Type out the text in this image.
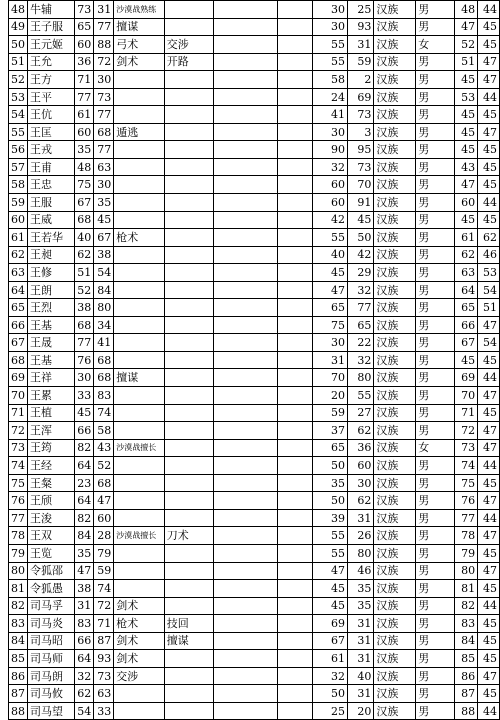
48	牛辅	73	31	沙漠战熟练				30	25	汉族	男	48	44
49	王子服	65	77	擅谋				30	93	汉族	男	47	45
50	王元姬	60	88	弓术	交涉			55	31	汉族	女	52	45
51	王允	36	72	剑术	开路			55	59	汉族	男	51	47
52	王方	71	30					58	2	汉族	男	45	47
53	王平	77	73					24	69	汉族	男	53	44
54	王伉	61	77					41	73	汉族	男	45	45
55	王匡	60	68	遁逃				30	3	汉族	男	45	47
56	王戎	35	77					90	95	汉族	男	45	45
57	王甫	48	63					32	73	汉族	男	43	45
58	王忠	75	30					60	70	汉族	男	47	45
59	王服	67	35					60	91	汉族	男	60	44
60	王威	68	45					42	45	汉族	男	45	45
61	王若华	40	67	枪术				55	50	汉族	男	61	62
62	王昶	62	38					40	42	汉族	男	62	46
63	王修	51	54					45	29	汉族	男	63	53
64	王朗	52	84					47	32	汉族	男	64	54
65	王烈	38	80					65	77	汉族	男	65	51
66	王基	68	34					75	65	汉族	男	66	47
67	王晟	77	41					30	22	汉族	男	67	54
68	王基	76	68					31	32	汉族	男	45	45
69	王祥	30	68	擅谋				70	80	汉族	男	69	44
70	王累	33	83					20	55	汉族	男	70	47
71	王植	45	74					59	27	汉族	男	71	45
72	王浑	66	58					37	62	汉族	男	72	47
73	王筠	82	43	沙漠战擅长				65	36	汉族	女	73	47
74	王经	64	52					50	60	汉族	男	74	44
75	王粲	23	68					35	30	汉族	男	75	45
76	王颀	64	47					50	62	汉族	男	76	47
77	王浚	82	60					39	31	汉族	男	77	44
78	王双	84	28	沙漠战擅长	刀术			55	26	汉族	男	78	47
79	王览	35	79					55	80	汉族	男	79	45
80	令狐邵	47	59					47	46	汉族	男	80	47
81	令狐愚	38	74					45	35	汉族	男	81	45
82	司马孚	31	72	剑术				45	35	汉族	男	82	44
83	司马炎	83	71	枪术	技回			69	31	汉族	男	83	45
84	司马昭	66	87	剑术	擅谋			67	31	汉族	男	84	45
85	司马师	64	93	剑术				61	31	汉族	男	85	45
86	司马朗	32	73	交涉				32	40	汉族	男	86	47
87	司马攸	62	63					50	31	汉族	男	87	45
88	司马望	54	33					25	20	汉族	男	88	44
